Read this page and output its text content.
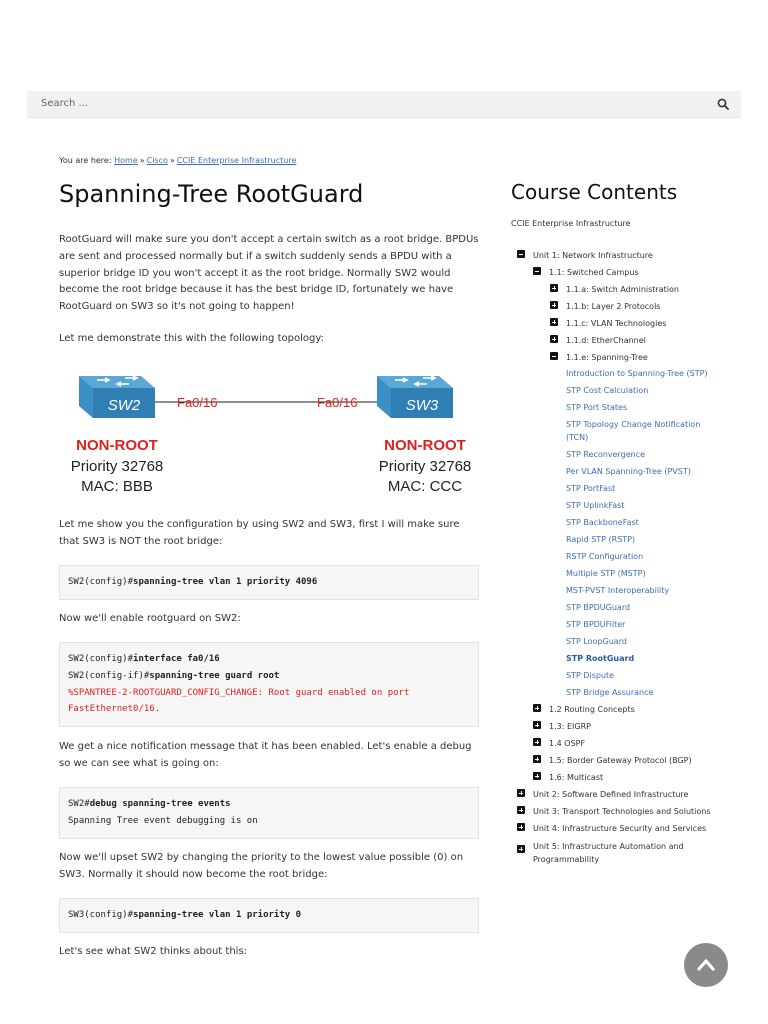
Search ...
You are here: Home » Cisco » CCIE Enterprise Infrastructure
Spanning-Tree RootGuard

RootGuard will make sure you don't accept a certain switch as a root bridge. BPDUs are sent and processed normally but if a switch suddenly sends a BPDU with a superior bridge ID you won't accept it as the root bridge. Normally SW2 would become the root bridge because it has the best bridge ID, fortunately we have RootGuard on SW3 so it's not going to happen!

Let me demonstrate this with the following topology:

SW2	SW3
Fa0/16	Fa0/16
NON-ROOT
Priority 32768
MAC: BBB
NON-ROOT
Priority 32768
MAC: CCC

Let me show you the configuration by using SW2 and SW3, first I will make sure that SW3 is NOT the root bridge:

SW2(config)#spanning-tree vlan 1 priority 4096

Now we'll enable rootguard on SW2:

SW2(config)#interface fa0/16
SW2(config-if)#spanning-tree guard root
%SPANTREE-2-ROOTGUARD_CONFIG_CHANGE: Root guard enabled on port
FastEthernet0/16.

We get a nice notification message that it has been enabled. Let's enable a debug so we can see what is going on:

SW2#debug spanning-tree events
Spanning Tree event debugging is on

Now we'll upset SW2 by changing the priority to the lowest value possible (0) on SW3. Normally it should now become the root bridge:

SW3(config)#spanning-tree vlan 1 priority 0

Let's see what SW2 thinks about this:

Course Contents
CCIE Enterprise Infrastructure
Unit 1: Network Infrastructure
1.1: Switched Campus
1.1.a: Switch Administration
1.1.b: Layer 2 Protocols
1.1.c: VLAN Technologies
1.1.d: EtherChannel
1.1.e: Spanning-Tree
Introduction to Spanning-Tree (STP)
STP Cost Calculation
STP Port States
STP Topology Change Notification (TCN)
STP Reconvergence
Per VLAN Spanning-Tree (PVST)
STP PortFast
STP UplinkFast
STP BackboneFast
Rapid STP (RSTP)
RSTP Configuration
Multiple STP (MSTP)
MST-PVST Interoperability
STP BPDUGuard
STP BPDUFilter
STP LoopGuard
STP RootGuard
STP Dispute
STP Bridge Assurance
1.2 Routing Concepts
1.3: EIGRP
1.4 OSPF
1.5: Border Gateway Protocol (BGP)
1.6: Multicast
Unit 2: Software Defined Infrastructure
Unit 3: Transport Technologies and Solutions
Unit 4: Infrastructure Security and Services
Unit 5: Infrastructure Automation and Programmability
